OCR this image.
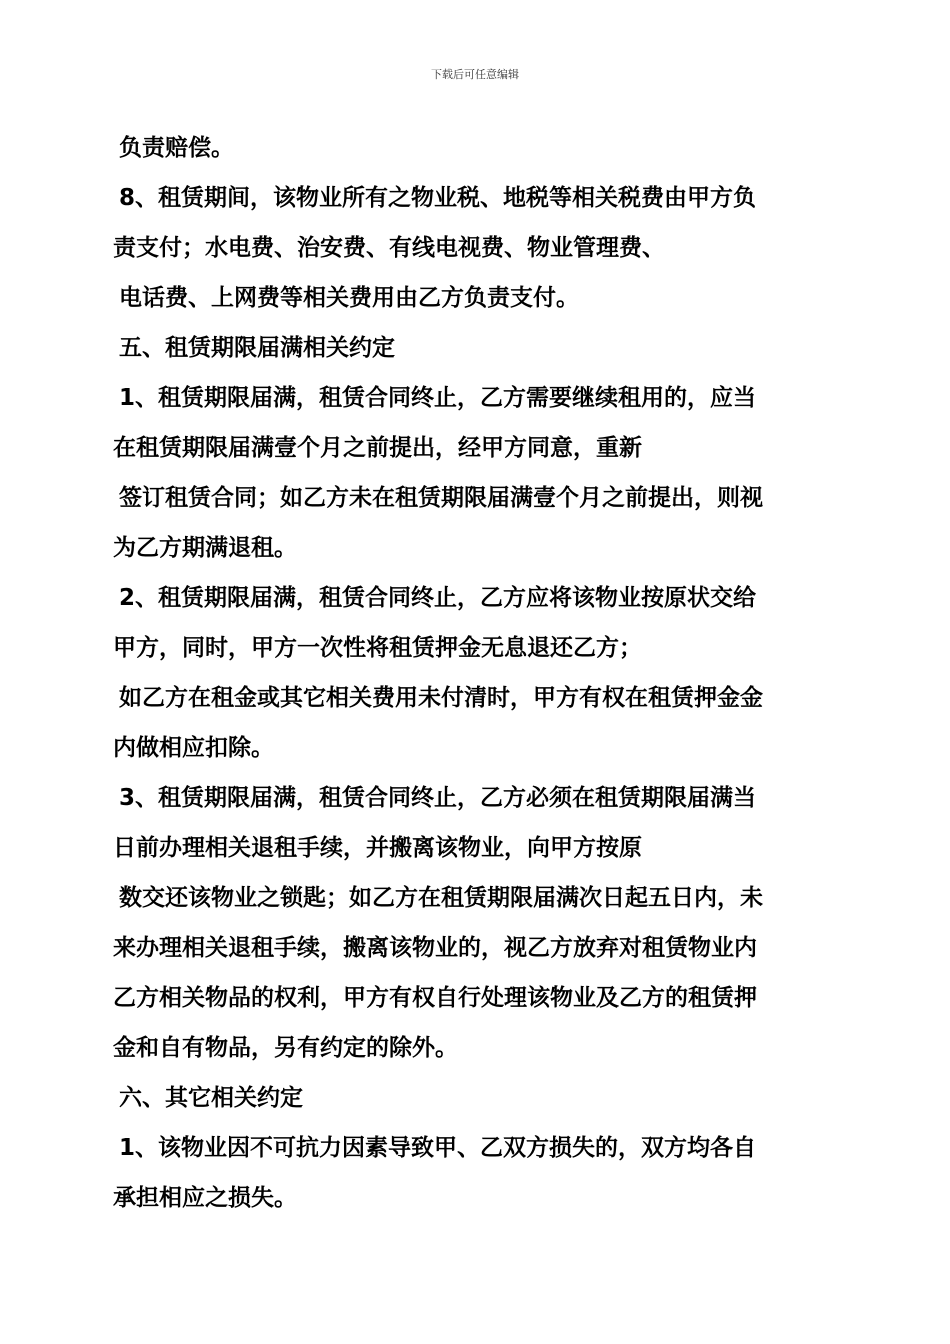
下载后可任意编辑
负责赔偿。
8、租赁期间，该物业所有之物业税、地税等相关税费由甲方负
责支付；水电费、治安费、有线电视费、物业管理费、
电话费、上网费等相关费用由乙方负责支付。
五、租赁期限届满相关约定
1、租赁期限届满，租赁合同终止，乙方需要继续租用的，应当
在租赁期限届满壹个月之前提出，经甲方同意，重新
签订租赁合同；如乙方未在租赁期限届满壹个月之前提出，则视
为乙方期满退租。
2、租赁期限届满，租赁合同终止，乙方应将该物业按原状交给
甲方，同时，甲方一次性将租赁押金无息退还乙方；
如乙方在租金或其它相关费用未付清时，甲方有权在租赁押金金
内做相应扣除。
3、租赁期限届满，租赁合同终止，乙方必须在租赁期限届满当
日前办理相关退租手续，并搬离该物业，向甲方按原
数交还该物业之锁匙；如乙方在租赁期限届满次日起五日内，未
来办理相关退租手续，搬离该物业的，视乙方放弃对租赁物业内
乙方相关物品的权利，甲方有权自行处理该物业及乙方的租赁押
金和自有物品，另有约定的除外。
六、其它相关约定
1、该物业因不可抗力因素导致甲、乙双方损失的，双方均各自
承担相应之损失。
